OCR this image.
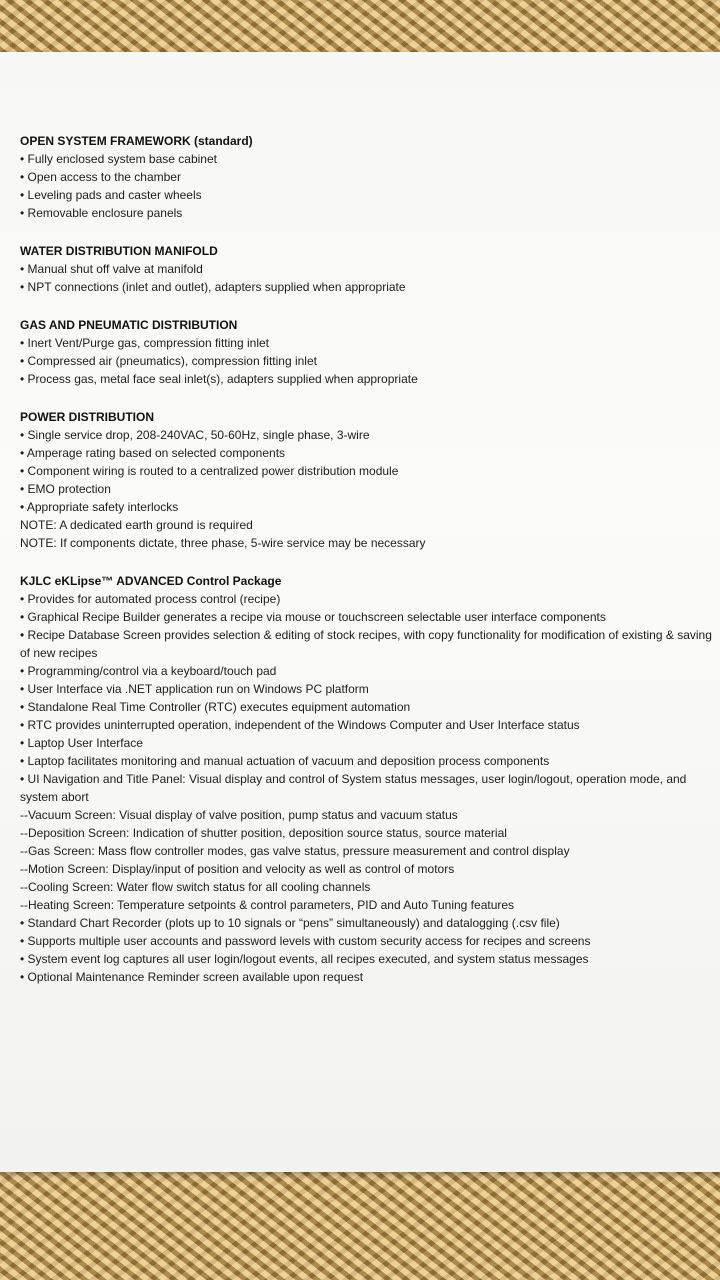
OPEN SYSTEM FRAMEWORK (standard)

• Fully enclosed system base cabinet

• Open access to the chamber

• Leveling pads and caster wheels

• Removable enclosure panels

WATER DISTRIBUTION MANIFOLD

• Manual shut off valve at manifold

• NPT connections (inlet and outlet), adapters supplied when appropriate

GAS AND PNEUMATIC DISTRIBUTION

• Inert Vent/Purge gas, compression fitting inlet

• Compressed air (pneumatics), compression fitting inlet

• Process gas, metal face seal inlet(s), adapters supplied when appropriate

POWER DISTRIBUTION

• Single service drop, 208-240VAC, 50-60Hz, single phase, 3-wire

• Amperage rating based on selected components

• Component wiring is routed to a centralized power distribution module

• EMO protection

• Appropriate safety interlocks

NOTE: A dedicated earth ground is required

NOTE: If components dictate, three phase, 5-wire service may be necessary

KJLC eKLipse™ ADVANCED Control Package

• Provides for automated process control (recipe)

• Graphical Recipe Builder generates a recipe via mouse or touchscreen selectable user interface components

• Recipe Database Screen provides selection & editing of stock recipes, with copy functionality for modification of existing & saving of new recipes

• Programming/control via a keyboard/touch pad

• User Interface via .NET application run on Windows PC platform

• Standalone Real Time Controller (RTC) executes equipment automation

• RTC provides uninterrupted operation, independent of the Windows Computer and User Interface status

• Laptop User Interface

• Laptop facilitates monitoring and manual actuation of vacuum and deposition process components

• UI Navigation and Title Panel: Visual display and control of System status messages, user login/logout, operation mode, and system abort

--Vacuum Screen: Visual display of valve position, pump status and vacuum status

--Deposition Screen: Indication of shutter position, deposition source status, source material

--Gas Screen: Mass flow controller modes, gas valve status, pressure measurement and control display

--Motion Screen: Display/input of position and velocity as well as control of motors

--Cooling Screen: Water flow switch status for all cooling channels

--Heating Screen: Temperature setpoints & control parameters, PID and Auto Tuning features

• Standard Chart Recorder (plots up to 10 signals or “pens” simultaneously) and datalogging (.csv file)

• Supports multiple user accounts and password levels with custom security access for recipes and screens

• System event log captures all user login/logout events, all recipes executed, and system status messages

• Optional Maintenance Reminder screen available upon request
